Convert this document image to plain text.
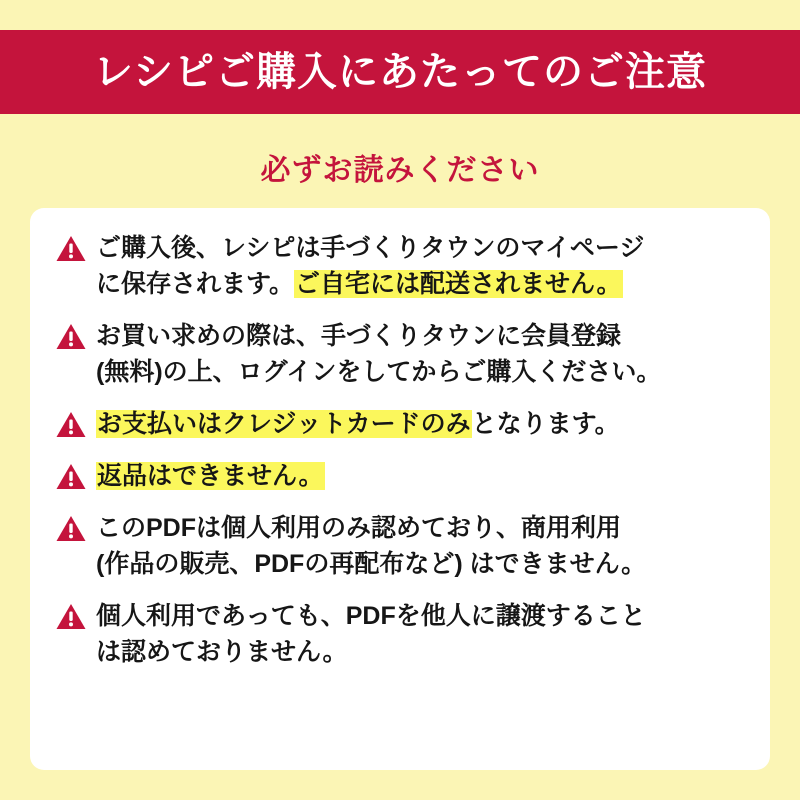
レシピご購入にあたってのご注意
必ずお読みください
ご購入後、レシピは手づくりタウンのマイページ
に保存されます。ご自宅には配送されません。
お買い求めの際は、手づくりタウンに会員登録
(無料)の上、ログインをしてからご購入ください。
お支払いはクレジットカードのみとなります。
返品はできません。
このPDFは個人利用のみ認めており、商用利用
(作品の販売、PDFの再配布など) はできません。
個人利用であっても、PDFを他人に譲渡すること
は認めておりません。
